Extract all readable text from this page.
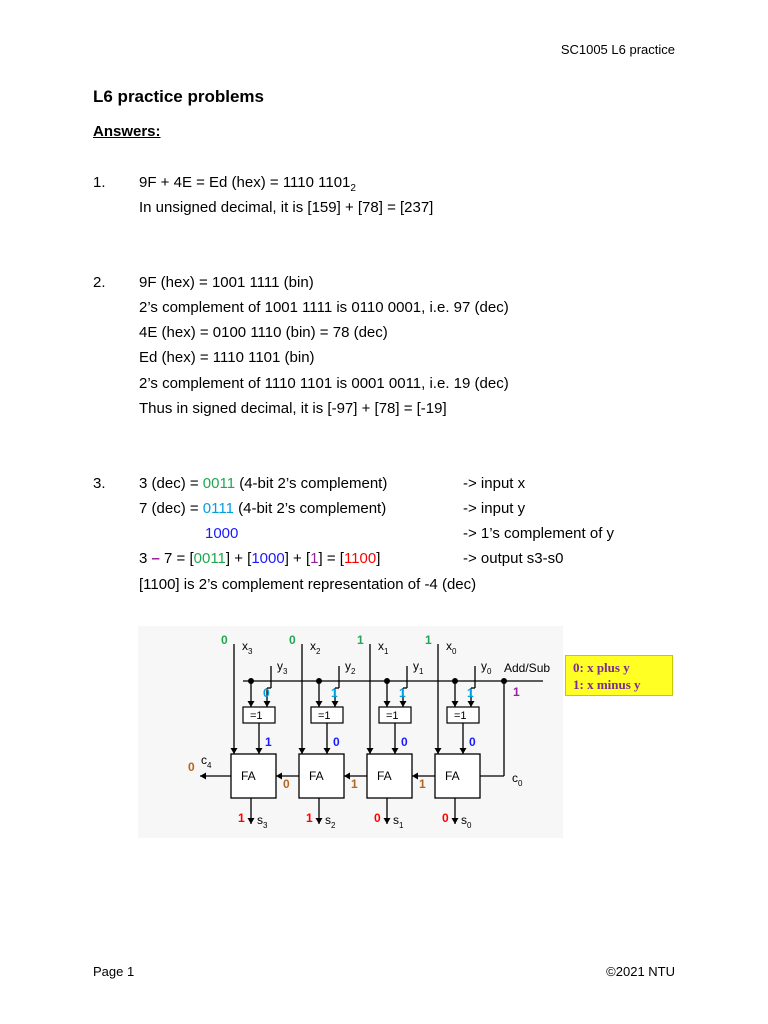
SC1005 L6 practice
L6 practice problems
Answers:
1. 9F + 4E = Ed (hex) = 1110 $1101_2$
In unsigned decimal, it is [159] + [78] = [237]
2. 9F (hex) = 1001 1111 (bin)
2’s complement of 1001 1111 is 0110 0001, i.e. 97 (dec)
4E (hex) = 0100 1110 (bin) = 78 (dec)
Ed (hex) = 1110 1101 (bin)
2’s complement of 1110 1101 is 0001 0011, i.e. 19 (dec)
Thus in signed decimal, it is [-97] + [78] = [-19]
3. 3 (dec) = 0011 (4-bit 2’s complement)	-> input x
7 (dec) = 0111 (4-bit 2’s complement)	-> input y
1000	-> 1’s complement of y
3 – 7 = [0011] + [1000] + [1] = [1100]	-> output s3-s0
[1100] is 2’s complement representation of -4 (dec)
Add/Sub
1
$c_0$
$x_3$
0
$y_3$
0
=1
1
FA
$s_3$
1
$x_2$
0
$y_2$
1
=1
0
FA
$s_2$
1
$x_1$
1
$y_1$
1
=1
0
FA
$s_1$
0
$x_0$
1
$y_0$
1
=1
0
FA
$s_0$
0
0	1	1
$c_4$
0
0: x plus y
1: x minus y
Page 1	©2021 NTU
